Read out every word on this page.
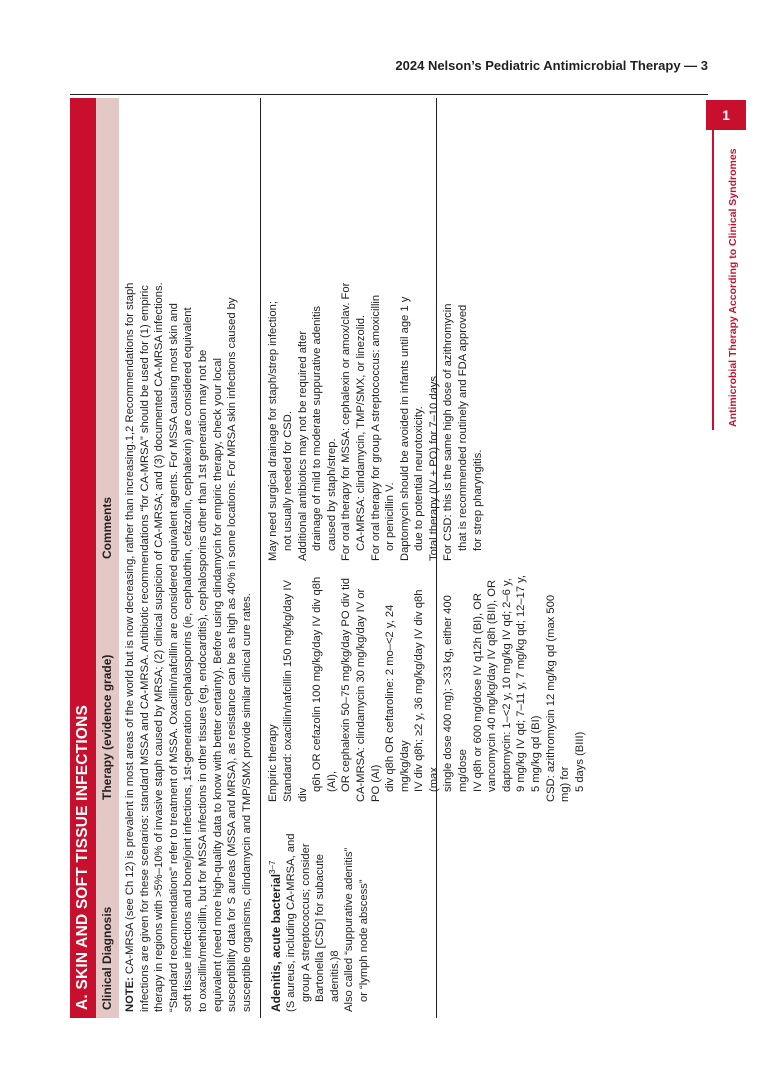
2024 Nelson’s Pediatric Antimicrobial Therapy — 3
1
Antimicrobial Therapy According to Clinical Syndromes
A. SKIN AND SOFT TISSUE INFECTIONS Clinical Diagnosis
Therapy (evidence grade)
Comments

NOTE: CA-MRSA (see Ch 12) is prevalent in most areas of the world but is now decreasing, rather than increasing.1,2 Recommendations for staph infections are given for these scenarios: standard MSSA and CA-MRSA. Antibiotic recommendations “for CA-MRSA” should be used for (1) empiric therapy in regions with >5%–10% of invasive staph caused by MRSA; (2) clinical suspicion of CA-MRSA; and (3) documented CA-MRSA infections. “Standard recommendations” refer to treatment of MSSA. Oxacillin/nafcillin are considered equivalent agents. For MSSA causing most skin and soft tissue infections and bone/joint infections, 1st-generation cephalosporins (ie, cephalothin, cefazolin, cephalexin) are considered equivalent to oxacillin/methicillin, but for MSSA infections in other tissues (eg, endocarditis), cephalosporins other than 1st generation may not be equivalent (need more high-quality data to know with better certainty). Before using clindamycin for empiric therapy, check your local susceptibility data for S aureas (MSSA and MRSA), as resistance can be as high as 40% in some locations. For MRSA skin infections caused by susceptible organisms, clindamycin and TMP/SMX provide similar clinical cure rates. Adenitis, acute bacterial$^{3-7}$ (S aureus, including CA-MRSA, and group A streptococcus; consider Bartonella [CSD] for subacute adenitis.)8 Also called “suppurative adenitis” or “lymph node abscess”

Empiric therapy Standard: oxacillin/nafcillin 150 mg/kg/day IV div

q6h OR cefazolin 100 mg/kg/day IV div q8h (AI), OR cephalexin 50–75 mg/kg/day PO div tid CA-MRSA: clindamycin 30 mg/kg/day IV or PO (AI) div q8h OR ceftaroline: 2 mo–<2 y, 24 mg/kg/day IV div q8h; ≥2 y, 36 mg/kg/day IV div q8h (max single dose 400 mg); >33 kg, either 400 mg/dose IV q8h or 600 mg/dose IV q12h (BI), OR vancomycin 40 mg/kg/day IV q8h (BII), OR daptomycin: 1–<2 y, 10 mg/kg IV qd; 2–6 y, 9 mg/kg IV qd; 7–11 y, 7 mg/kg qd; 12–17 y, 5 mg/kg qd (BI) CSD: azithromycin 12 mg/kg qd (max 500 mg) for 5 days (BIII)

May need surgical drainage for staph/strep infection; not usually needed for CSD. Additional antibiotics may not be required after drainage of mild to moderate suppurative adenitis caused by staph/strep. For oral therapy for MSSA: cephalexin or amox/clav. For CA-MRSA: clindamycin, TMP/SMX, or linezolid. For oral therapy for group A streptococcus: amoxicillin or penicillin V. Daptomycin should be avoided in infants until age 1 y due to potential neurotoxicity. Total therapy (IV + PO) for 7–10 days. For CSD: this is the same high dose of azithromycin that is recommended routinely and FDA approved for strep pharyngitis.
